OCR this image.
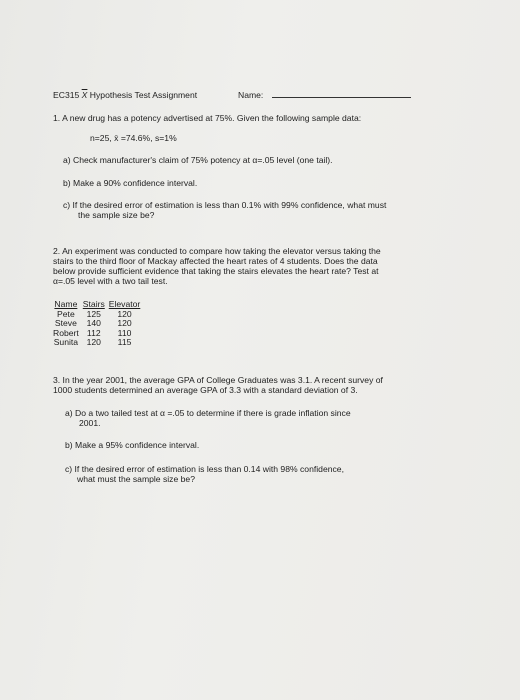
EC315 $\overline{X}$ Hypothesis Test Assignment	Name:
1. A new drug has a potency advertised at 75%. Given the following sample data:
n=25, x̄ =74.6%, s=1%
a) Check manufacturer's claim of 75% potency at α=.05 level (one tail).
b) Make a 90% confidence interval.
c) If the desired error of estimation is less than 0.1% with 99% confidence, what must
the sample size be?
2. An experiment was conducted to compare how taking the elevator versus taking the
stairs to the third floor of Mackay affected the heart rates of 4 students. Does the data
below provide sufficient evidence that taking the stairs elevates the heart rate? Test at
α=.05 level with a two tail test.
Name	Stairs	Elevator
Pete	125	120
Steve	140	120
Robert	112	110
Sunita	120	115
3. In the year 2001, the average GPA of College Graduates was 3.1. A recent survey of
1000 students determined an average GPA of 3.3 with a standard deviation of 3.
a) Do a two tailed test at α =.05 to determine if there is grade inflation since
2001.
b) Make a 95% confidence interval.
c) If the desired error of estimation is less than 0.14 with 98% confidence,
what must the sample size be?
